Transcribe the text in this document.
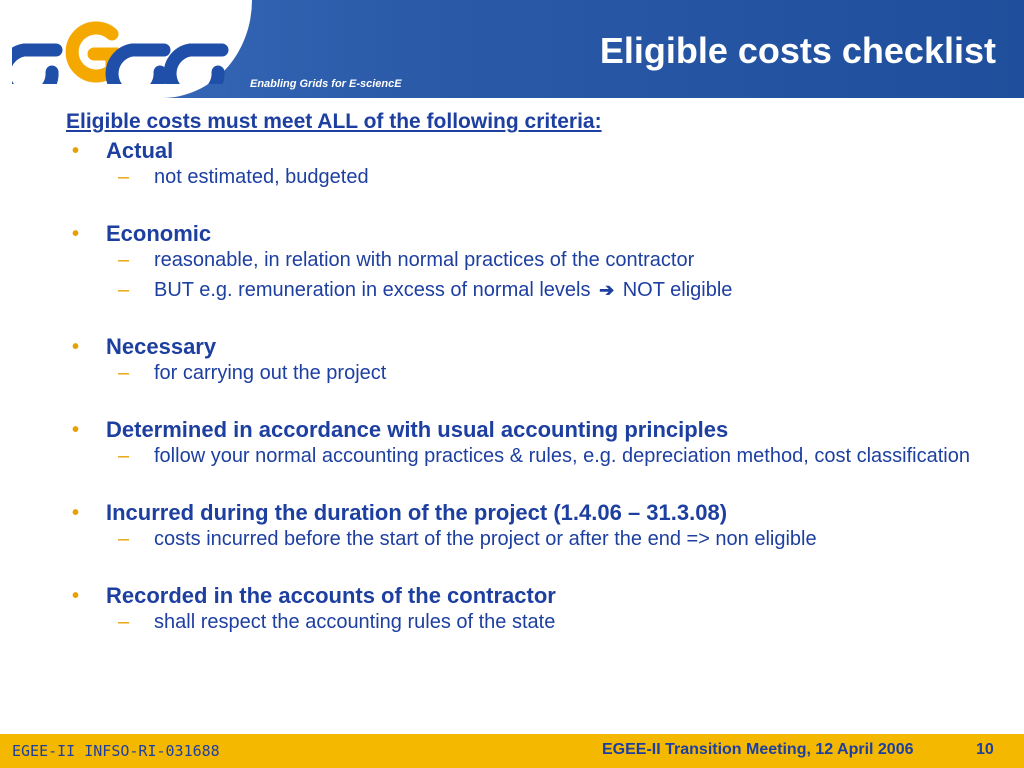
Enabling Grids for E-sciencE
Eligible costs checklist

Eligible costs must meet ALL of the following criteria:

• Actual
– not estimated, budgeted
• Economic
– reasonable, in relation with normal practices of the contractor
– BUT e.g. remuneration in excess of normal levels ➔ NOT eligible
• Necessary
– for carrying out the project
• Determined in accordance with usual accounting principles
– follow your normal accounting practices & rules, e.g. depreciation method, cost classification
• Incurred during the duration of the project (1.4.06 – 31.3.08)
– costs incurred before the start of the project or after the end => non eligible
• Recorded in the accounts of the contractor
– shall respect the accounting rules of the state
EGEE-II INFSO-RI-031688	EGEE-II Transition Meeting, 12 April 2006	10
